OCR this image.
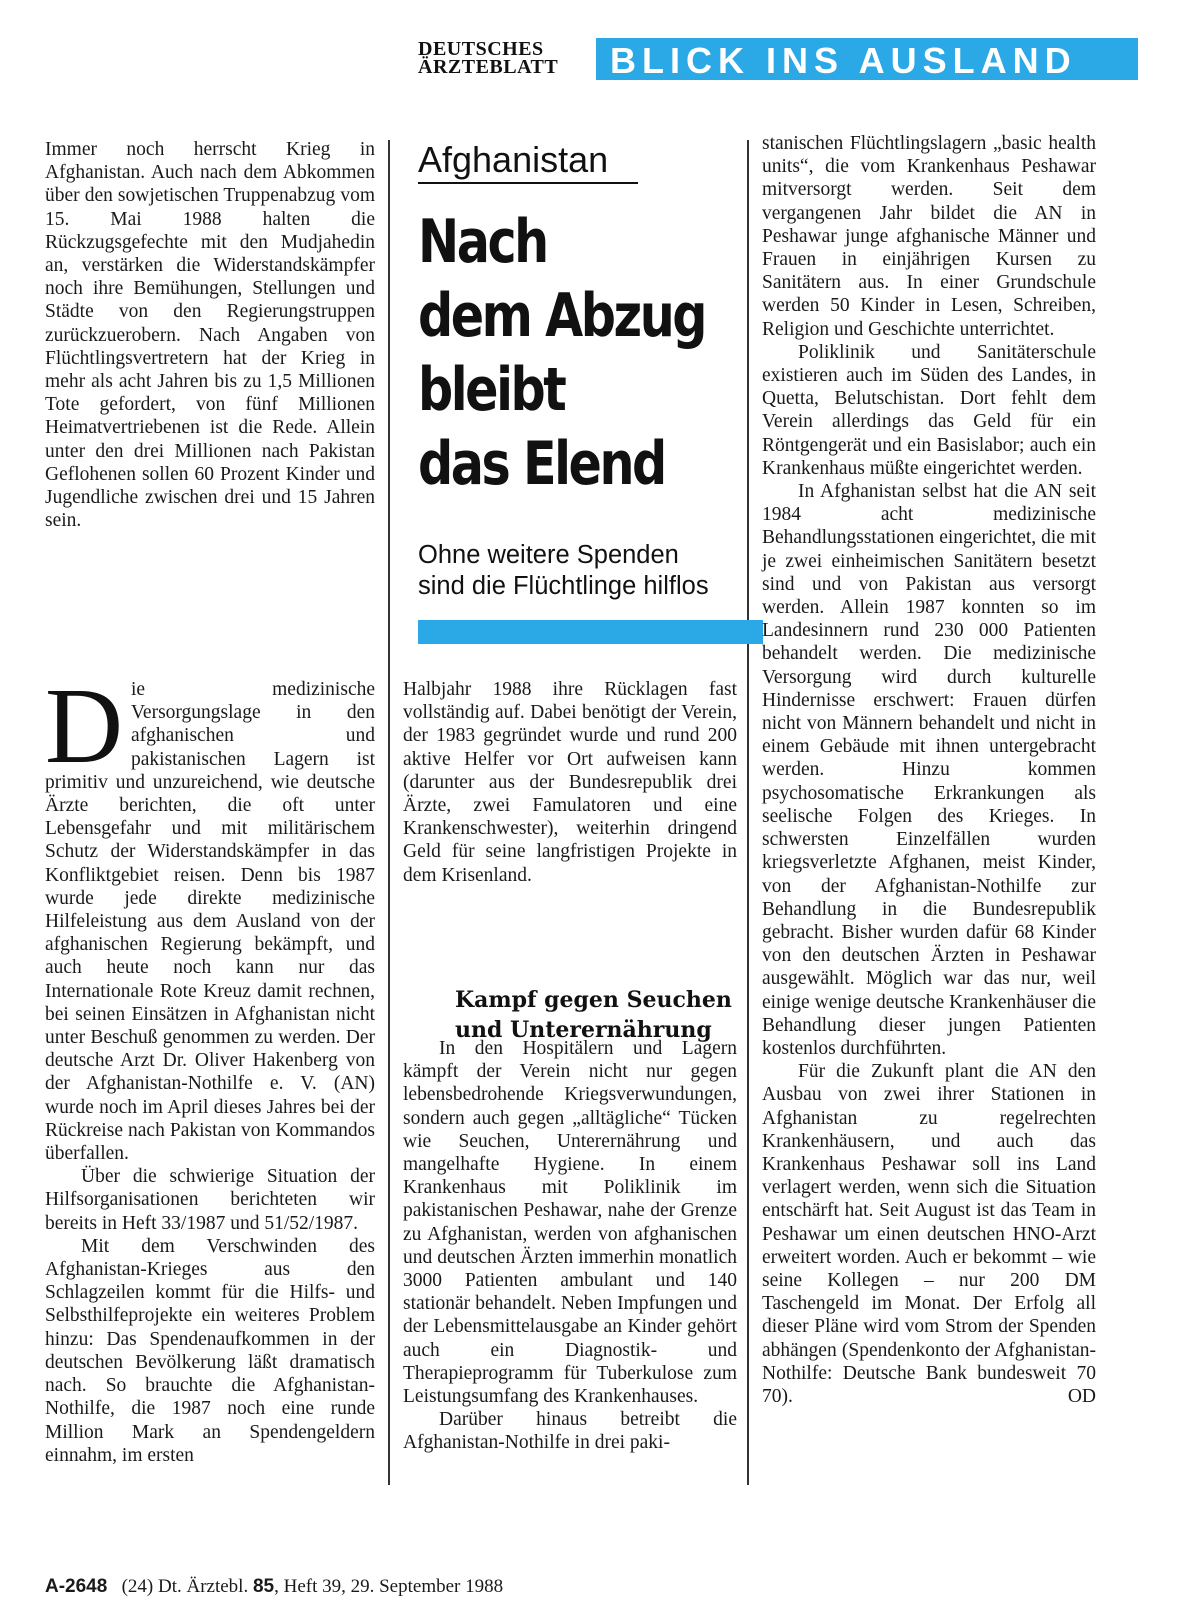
DEUTSCHES
ÄRZTEBLATT	BLICK INS AUSLAND

Immer noch herrscht Krieg in Afghanistan. Auch nach dem Abkommen über den sowjetischen Truppenabzug vom 15. Mai 1988 halten die Rückzugsgefechte mit den Mudjahedin an, verstärken die Widerstandskämpfer noch ihre Bemühungen, Stellungen und Städte von den Regierungstruppen zurückzuerobern. Nach Angaben von Flüchtlingsvertretern hat der Krieg in mehr als acht Jahren bis zu 1,5 Millionen Tote gefordert, von fünf Millionen Heimatvertriebenen ist die Rede. Allein unter den drei Millionen nach Pakistan Geflohenen sollen 60 Prozent Kinder und Jugendliche zwischen drei und 15 Jahren sein.

Afghanistan
Nach
dem Abzug
bleibt
das Elend
Ohne weitere Spenden
sind die Flüchtlinge hilflos

Die medizinische Versorgungslage in den afghanischen und pakistanischen Lagern ist primitiv und unzureichend, wie deutsche Ärzte berichten, die oft unter Lebensgefahr und mit militärischem Schutz der Widerstandskämpfer in das Konfliktgebiet reisen. Denn bis 1987 wurde jede direkte medizinische Hilfeleistung aus dem Ausland von der afghanischen Regierung bekämpft, und auch heute noch kann nur das Internationale Rote Kreuz damit rechnen, bei seinen Einsätzen in Afghanistan nicht unter Beschuß genommen zu werden. Der deutsche Arzt Dr. Oliver Hakenberg von der Afghanistan-Nothilfe e. V. (AN) wurde noch im April dieses Jahres bei der Rückreise nach Pakistan von Kommandos überfallen.

Über die schwierige Situation der Hilfsorganisationen berichteten wir bereits in Heft 33/1987 und 51/52/1987.

Mit dem Verschwinden des Afghanistan-Krieges aus den Schlagzeilen kommt für die Hilfs- und Selbsthilfeprojekte ein weiteres Problem hinzu: Das Spendenaufkommen in der deutschen Bevölkerung läßt dramatisch nach. So brauchte die Afghanistan-Nothilfe, die 1987 noch eine runde Million Mark an Spendengeldern einnahm, im ersten

Halbjahr 1988 ihre Rücklagen fast vollständig auf. Dabei benötigt der Verein, der 1983 gegründet wurde und rund 200 aktive Helfer vor Ort aufweisen kann (darunter aus der Bundesrepublik drei Ärzte, zwei Famulatoren und eine Krankenschwester), weiterhin dringend Geld für seine langfristigen Projekte in dem Krisenland.

Kampf gegen Seuchen
und Unterernährung

In den Hospitälern und Lagern kämpft der Verein nicht nur gegen lebensbedrohende Kriegsverwundungen, sondern auch gegen „alltägliche“ Tücken wie Seuchen, Unterernährung und mangelhafte Hygiene. In einem Krankenhaus mit Poliklinik im pakistanischen Peshawar, nahe der Grenze zu Afghanistan, werden von afghanischen und deutschen Ärzten immerhin monatlich 3000 Patienten ambulant und 140 stationär behandelt. Neben Impfungen und der Lebensmittelausgabe an Kinder gehört auch ein Diagnostik- und Therapieprogramm für Tuberkulose zum Leistungsumfang des Krankenhauses.

Darüber hinaus betreibt die Afghanistan-Nothilfe in drei paki-

stanischen Flüchtlingslagern „basic health units“, die vom Krankenhaus Peshawar mitversorgt werden. Seit dem vergangenen Jahr bildet die AN in Peshawar junge afghanische Männer und Frauen in einjährigen Kursen zu Sanitätern aus. In einer Grundschule werden 50 Kinder in Lesen, Schreiben, Religion und Geschichte unterrichtet.

Poliklinik und Sanitäterschule existieren auch im Süden des Landes, in Quetta, Belutschistan. Dort fehlt dem Verein allerdings das Geld für ein Röntgengerät und ein Basislabor; auch ein Krankenhaus müßte eingerichtet werden.

In Afghanistan selbst hat die AN seit 1984 acht medizinische Behandlungsstationen eingerichtet, die mit je zwei einheimischen Sanitätern besetzt sind und von Pakistan aus versorgt werden. Allein 1987 konnten so im Landesinnern rund 230 000 Patienten behandelt werden. Die medizinische Versorgung wird durch kulturelle Hindernisse erschwert: Frauen dürfen nicht von Männern behandelt und nicht in einem Gebäude mit ihnen untergebracht werden. Hinzu kommen psychosomatische Erkrankungen als seelische Folgen des Krieges. In schwersten Einzelfällen wurden kriegsverletzte Afghanen, meist Kinder, von der Afghanistan-Nothilfe zur Behandlung in die Bundesrepublik gebracht. Bisher wurden dafür 68 Kinder von den deutschen Ärzten in Peshawar ausgewählt. Möglich war das nur, weil einige wenige deutsche Krankenhäuser die Behandlung dieser jungen Patienten kostenlos durchführten.

Für die Zukunft plant die AN den Ausbau von zwei ihrer Stationen in Afghanistan zu regelrechten Krankenhäusern, und auch das Krankenhaus Peshawar soll ins Land verlagert werden, wenn sich die Situation entschärft hat. Seit August ist das Team in Peshawar um einen deutschen HNO-Arzt erweitert worden. Auch er bekommt – wie seine Kollegen – nur 200 DM Taschengeld im Monat. Der Erfolg all dieser Pläne wird vom Strom der Spenden abhängen (Spendenkonto der Afghanistan-Nothilfe: Deutsche Bank bundesweit 70 70).	OD

A-2648 (24) Dt. Ärztebl. 85, Heft 39, 29. September 1988
